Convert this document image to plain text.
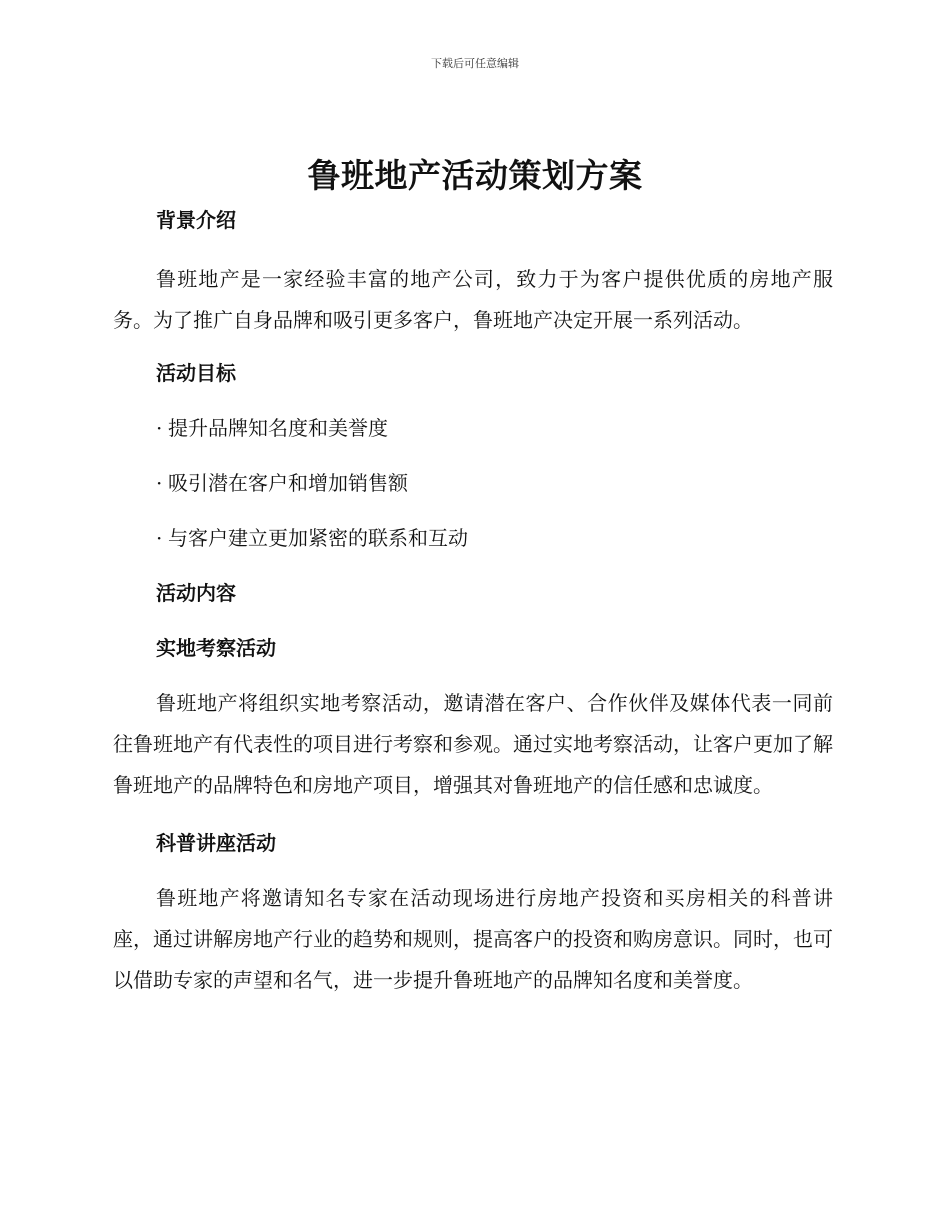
下载后可任意编辑
鲁班地产活动策划方案

背景介绍

鲁班地产是一家经验丰富的地产公司，致力于为客户提供优质的房地产服务。为了推广自身品牌和吸引更多客户，鲁班地产决定开展一系列活动。

活动目标

· 提升品牌知名度和美誉度

· 吸引潜在客户和增加销售额

· 与客户建立更加紧密的联系和互动

活动内容

实地考察活动

鲁班地产将组织实地考察活动，邀请潜在客户、合作伙伴及媒体代表一同前往鲁班地产有代表性的项目进行考察和参观。通过实地考察活动，让客户更加了解鲁班地产的品牌特色和房地产项目，增强其对鲁班地产的信任感和忠诚度。

科普讲座活动

鲁班地产将邀请知名专家在活动现场进行房地产投资和买房相关的科普讲座，通过讲解房地产行业的趋势和规则，提高客户的投资和购房意识。同时，也可以借助专家的声望和名气，进一步提升鲁班地产的品牌知名度和美誉度。
